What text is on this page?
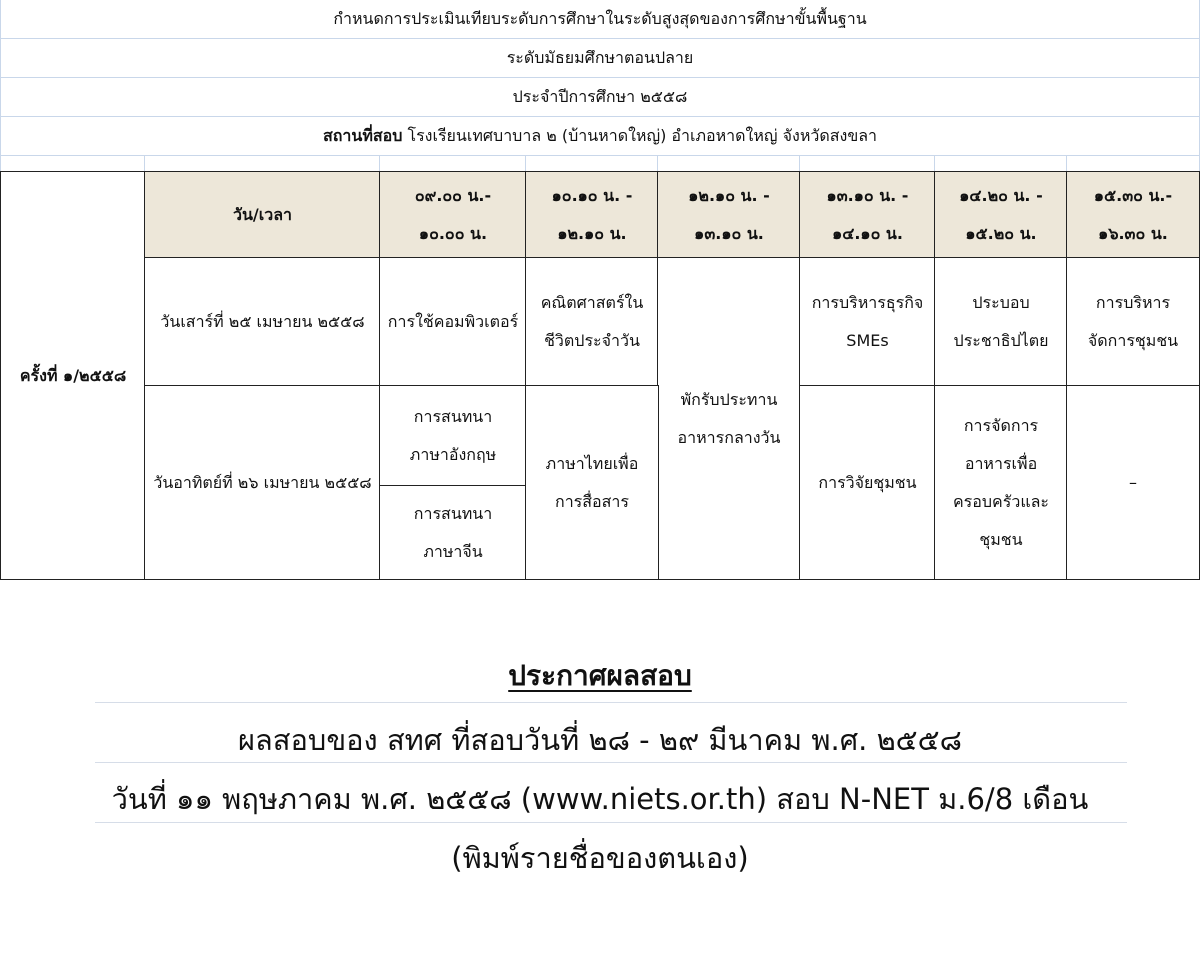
กำหนดการประเมินเทียบระดับการศึกษาในระดับสูงสุดของการศึกษาขั้นพื้นฐาน
ระดับมัธยมศึกษาตอนปลาย
ประจำปีการศึกษา ๒๕๕๘
สถานที่สอบ โรงเรียนเทศบาบาล ๒ (บ้านหาดใหญ่) อำเภอหาดใหญ่ จังหวัดสงขลา
ครั้งที่ ๑/๒๕๕๘
วัน/เวลา
๐๙.๐๐ น.-
๑๐.๐๐ น.
๑๐.๑๐ น. -
๑๒.๑๐ น.
๑๒.๑๐ น. -
๑๓.๑๐ น.
๑๓.๑๐ น. -
๑๔.๑๐ น.
๑๔.๒๐ น. -
๑๕.๒๐ น.
๑๕.๓๐ น.-
๑๖.๓๐ น.
วันเสาร์ที่ ๒๕ เมษายน ๒๕๕๘ การใช้คอมพิวเตอร์
คณิตศาสตร์ใน
ชีวิตประจำวัน
พักรับประทาน
อาหารกลางวัน
การบริหารธุรกิจ
SMEs
ประบอบ
ประชาธิปไตย
การบริหาร
จัดการชุมชน
วันอาทิตย์ที่ ๒๖ เมษายน ๒๕๕๘
การสนทนา
ภาษาอังกฤษ
การสนทนา
ภาษาจีน
ภาษาไทยเพื่อ
การสื่อสาร
การวิจัยชุมชน
การจัดการ
อาหารเพื่อ
ครอบครัวและ
ชุมชน
–
ประกาศผลสอบ
ผลสอบของ สทศ ที่สอบวันที่ ๒๘ - ๒๙ มีนาคม พ.ศ. ๒๕๕๘
วันที่ ๑๑ พฤษภาคม พ.ศ. ๒๕๕๘ (www.niets.or.th) สอบ N-NET ม.6/8 เดือน
(พิมพ์รายชื่อของตนเอง)
